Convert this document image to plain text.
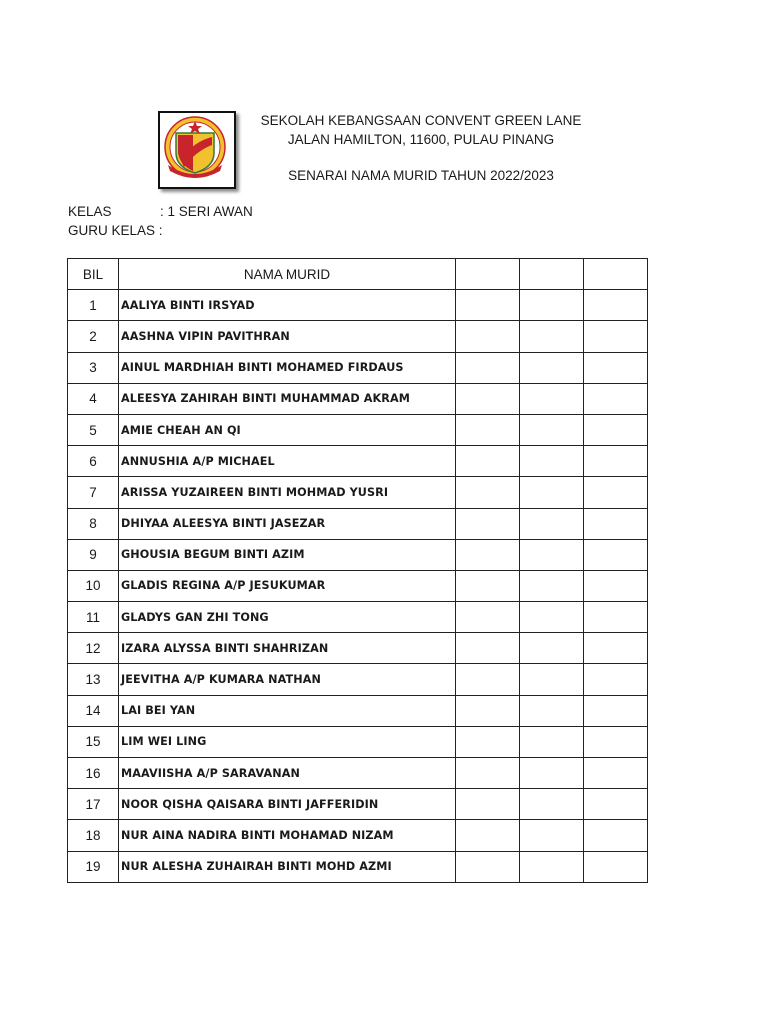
SEKOLAH KEBANGSAAN CONVENT GREEN LANE
JALAN HAMILTON, 11600, PULAU PINANG
SENARAI NAMA MURID TAHUN 2022/2023
KELAS	: 1 SERI AWAN
GURU KELAS :
BIL	NAMA MURID			
1	AALIYA BINTI IRSYAD			
2	AASHNA VIPIN PAVITHRAN			
3	AINUL MARDHIAH BINTI MOHAMED FIRDAUS			
4	ALEESYA ZAHIRAH BINTI MUHAMMAD AKRAM			
5	AMIE CHEAH AN QI			
6	ANNUSHIA A/P MICHAEL			
7	ARISSA YUZAIREEN BINTI MOHMAD YUSRI			
8	DHIYAA ALEESYA BINTI JASEZAR			
9	GHOUSIA BEGUM BINTI AZIM			
10	GLADIS REGINA A/P JESUKUMAR			
11	GLADYS GAN ZHI TONG			
12	IZARA ALYSSA BINTI SHAHRIZAN			
13	JEEVITHA A/P KUMARA NATHAN			
14	LAI BEI YAN			
15	LIM WEI LING			
16	MAAVIISHA A/P SARAVANAN			
17	NOOR QISHA QAISARA BINTI JAFFERIDIN			
18	NUR AINA NADIRA BINTI MOHAMAD NIZAM			
19	NUR ALESHA ZUHAIRAH BINTI MOHD AZMI			
